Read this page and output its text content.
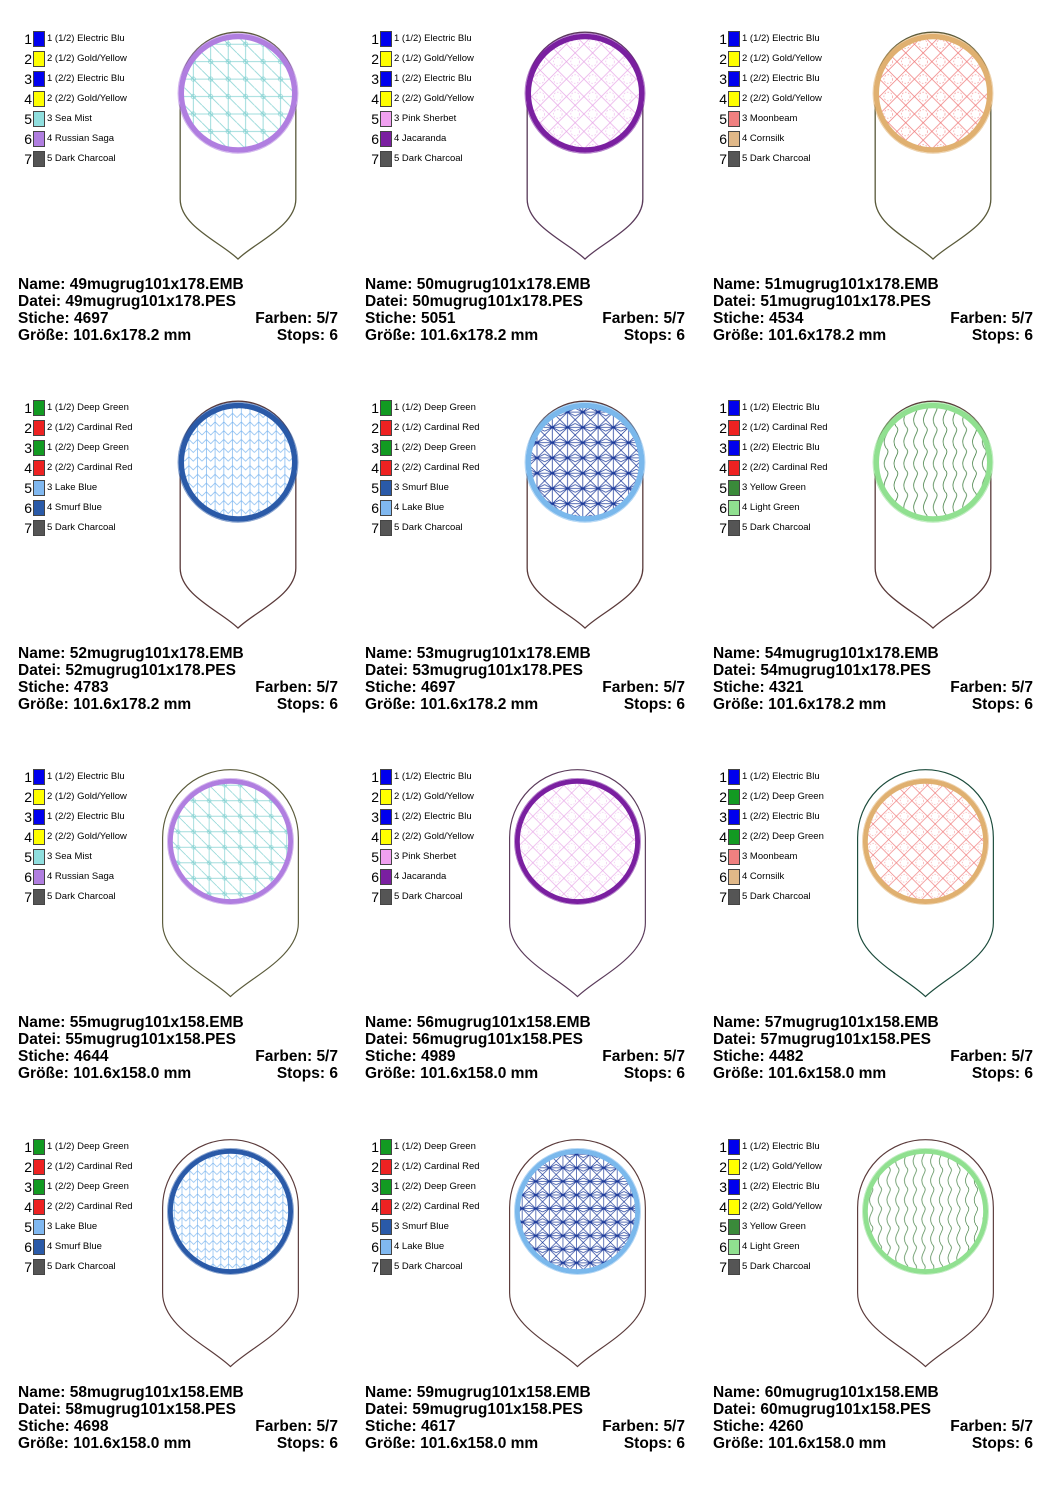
1 1 (1/2) Electric Blu
2 2 (1/2) Gold/Yellow
3 1 (2/2) Electric Blu
4 2 (2/2) Gold/Yellow
5 3 Sea Mist
6 4 Russian Saga
7 5 Dark Charcoal
Name: 49mugrug101x178.EMB
Datei: 49mugrug101x178.PES
Stiche: 4697	Farben: 5/7
Größe: 101.6x178.2 mm	Stops: 6
1 1 (1/2) Electric Blu
2 2 (1/2) Gold/Yellow
3 1 (2/2) Electric Blu
4 2 (2/2) Gold/Yellow
5 3 Pink Sherbet
6 4 Jacaranda
7 5 Dark Charcoal
Name: 50mugrug101x178.EMB
Datei: 50mugrug101x178.PES
Stiche: 5051	Farben: 5/7
Größe: 101.6x178.2 mm	Stops: 6
1 1 (1/2) Electric Blu
2 2 (1/2) Gold/Yellow
3 1 (2/2) Electric Blu
4 2 (2/2) Gold/Yellow
5 3 Moonbeam
6 4 Cornsilk
7 5 Dark Charcoal
Name: 51mugrug101x178.EMB
Datei: 51mugrug101x178.PES
Stiche: 4534	Farben: 5/7
Größe: 101.6x178.2 mm	Stops: 6
1 1 (1/2) Deep Green
2 2 (1/2) Cardinal Red
3 1 (2/2) Deep Green
4 2 (2/2) Cardinal Red
5 3 Lake Blue
6 4 Smurf Blue
7 5 Dark Charcoal
Name: 52mugrug101x178.EMB
Datei: 52mugrug101x178.PES
Stiche: 4783	Farben: 5/7
Größe: 101.6x178.2 mm	Stops: 6
1 1 (1/2) Deep Green
2 2 (1/2) Cardinal Red
3 1 (2/2) Deep Green
4 2 (2/2) Cardinal Red
5 3 Smurf Blue
6 4 Lake Blue
7 5 Dark Charcoal
Name: 53mugrug101x178.EMB
Datei: 53mugrug101x178.PES
Stiche: 4697	Farben: 5/7
Größe: 101.6x178.2 mm	Stops: 6
1 1 (1/2) Electric Blu
2 2 (1/2) Cardinal Red
3 1 (2/2) Electric Blu
4 2 (2/2) Cardinal Red
5 3 Yellow Green
6 4 Light Green
7 5 Dark Charcoal
Name: 54mugrug101x178.EMB
Datei: 54mugrug101x178.PES
Stiche: 4321	Farben: 5/7
Größe: 101.6x178.2 mm	Stops: 6
1 1 (1/2) Electric Blu
2 2 (1/2) Gold/Yellow
3 1 (2/2) Electric Blu
4 2 (2/2) Gold/Yellow
5 3 Sea Mist
6 4 Russian Saga
7 5 Dark Charcoal
Name: 55mugrug101x158.EMB
Datei: 55mugrug101x158.PES
Stiche: 4644	Farben: 5/7
Größe: 101.6x158.0 mm	Stops: 6
1 1 (1/2) Electric Blu
2 2 (1/2) Gold/Yellow
3 1 (2/2) Electric Blu
4 2 (2/2) Gold/Yellow
5 3 Pink Sherbet
6 4 Jacaranda
7 5 Dark Charcoal
Name: 56mugrug101x158.EMB
Datei: 56mugrug101x158.PES
Stiche: 4989	Farben: 5/7
Größe: 101.6x158.0 mm	Stops: 6
1 1 (1/2) Electric Blu
2 2 (1/2) Deep Green
3 1 (2/2) Electric Blu
4 2 (2/2) Deep Green
5 3 Moonbeam
6 4 Cornsilk
7 5 Dark Charcoal
Name: 57mugrug101x158.EMB
Datei: 57mugrug101x158.PES
Stiche: 4482	Farben: 5/7
Größe: 101.6x158.0 mm	Stops: 6
1 1 (1/2) Deep Green
2 2 (1/2) Cardinal Red
3 1 (2/2) Deep Green
4 2 (2/2) Cardinal Red
5 3 Lake Blue
6 4 Smurf Blue
7 5 Dark Charcoal
Name: 58mugrug101x158.EMB
Datei: 58mugrug101x158.PES
Stiche: 4698	Farben: 5/7
Größe: 101.6x158.0 mm	Stops: 6
1 1 (1/2) Deep Green
2 2 (1/2) Cardinal Red
3 1 (2/2) Deep Green
4 2 (2/2) Cardinal Red
5 3 Smurf Blue
6 4 Lake Blue
7 5 Dark Charcoal
Name: 59mugrug101x158.EMB
Datei: 59mugrug101x158.PES
Stiche: 4617	Farben: 5/7
Größe: 101.6x158.0 mm	Stops: 6
1 1 (1/2) Electric Blu
2 2 (1/2) Gold/Yellow
3 1 (2/2) Electric Blu
4 2 (2/2) Gold/Yellow
5 3 Yellow Green
6 4 Light Green
7 5 Dark Charcoal
Name: 60mugrug101x158.EMB
Datei: 60mugrug101x158.PES
Stiche: 4260	Farben: 5/7
Größe: 101.6x158.0 mm	Stops: 6
